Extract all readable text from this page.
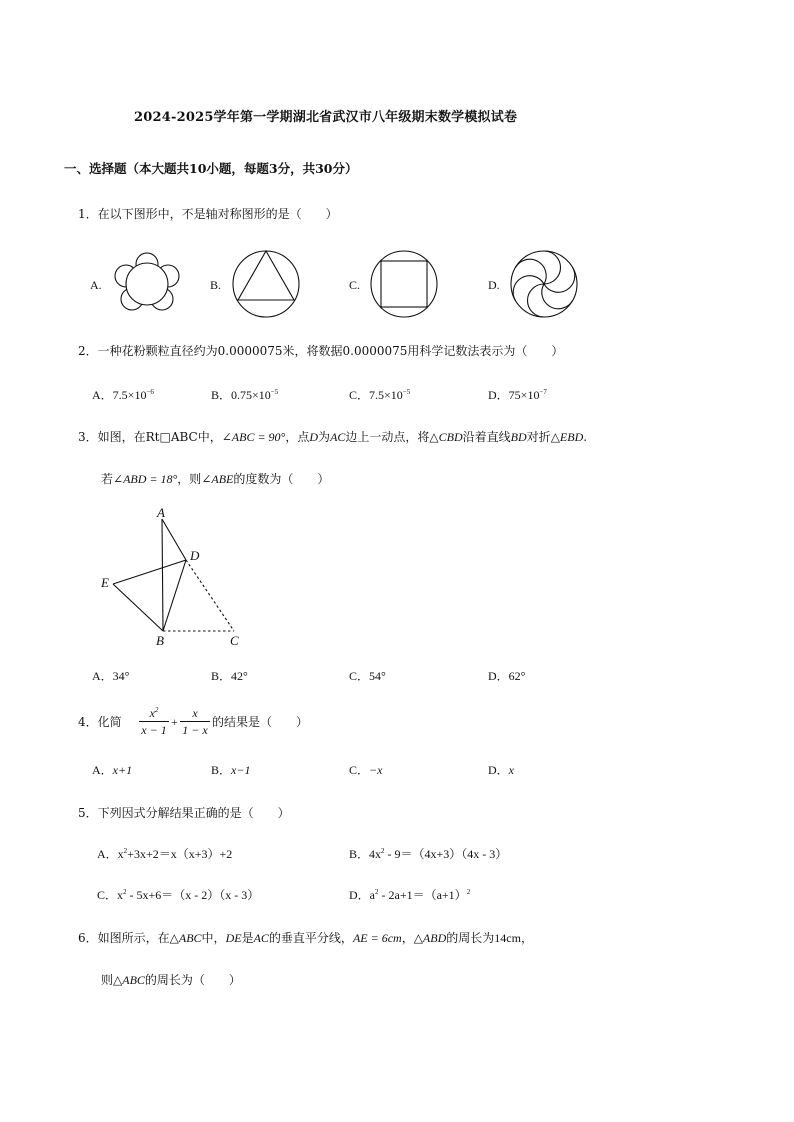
2024-2025学年第一学期湖北省武汉市八年级期末数学模拟试卷
一、选择题（本大题共10小题，每题3分，共30分）
1．在以下图形中，不是轴对称图形的是（　　）
A.	B.	C.	D.
2．一种花粉颗粒直径约为0.0000075米，将数据0.0000075用科学记数法表示为（　　）
A．$7.5\times 10^{-6}$	B．$0.75\times 10^{-5}$	C．$7.5\times 10^{-5}$	D．$75\times 10^{-7}$
3．如图，在Rt□ABC中，∠ABC = 90°，点D为AC边上一动点，将△CBD沿着直线BD对折△EBD.
若∠ABD = 18°，则∠ABE的度数为（　　）
A
D
E
B	C
A．34°	B．42°	C．54°	D．62°
4．化简
$x^2$
x − 1
+
x
1 − x
的结果是（　　）
A．x+1	B．x−1	C．−x	D．x
5．下列因式分解结果正确的是（　　）
A．$x^2+3x+2=x(x+3)+2$	B．$4x^2 - 9=(4x+3)(4x - 3)$
C．$x^2 - 5x+6=(x - 2)(x - 3)$	D．$a^2 - 2a+1=(a+1)^2$
6．如图所示，在△ABC中，DE是AC的垂直平分线，AE = 6cm，△ABD的周长为14cm，
则△ABC的周长为（　　）
